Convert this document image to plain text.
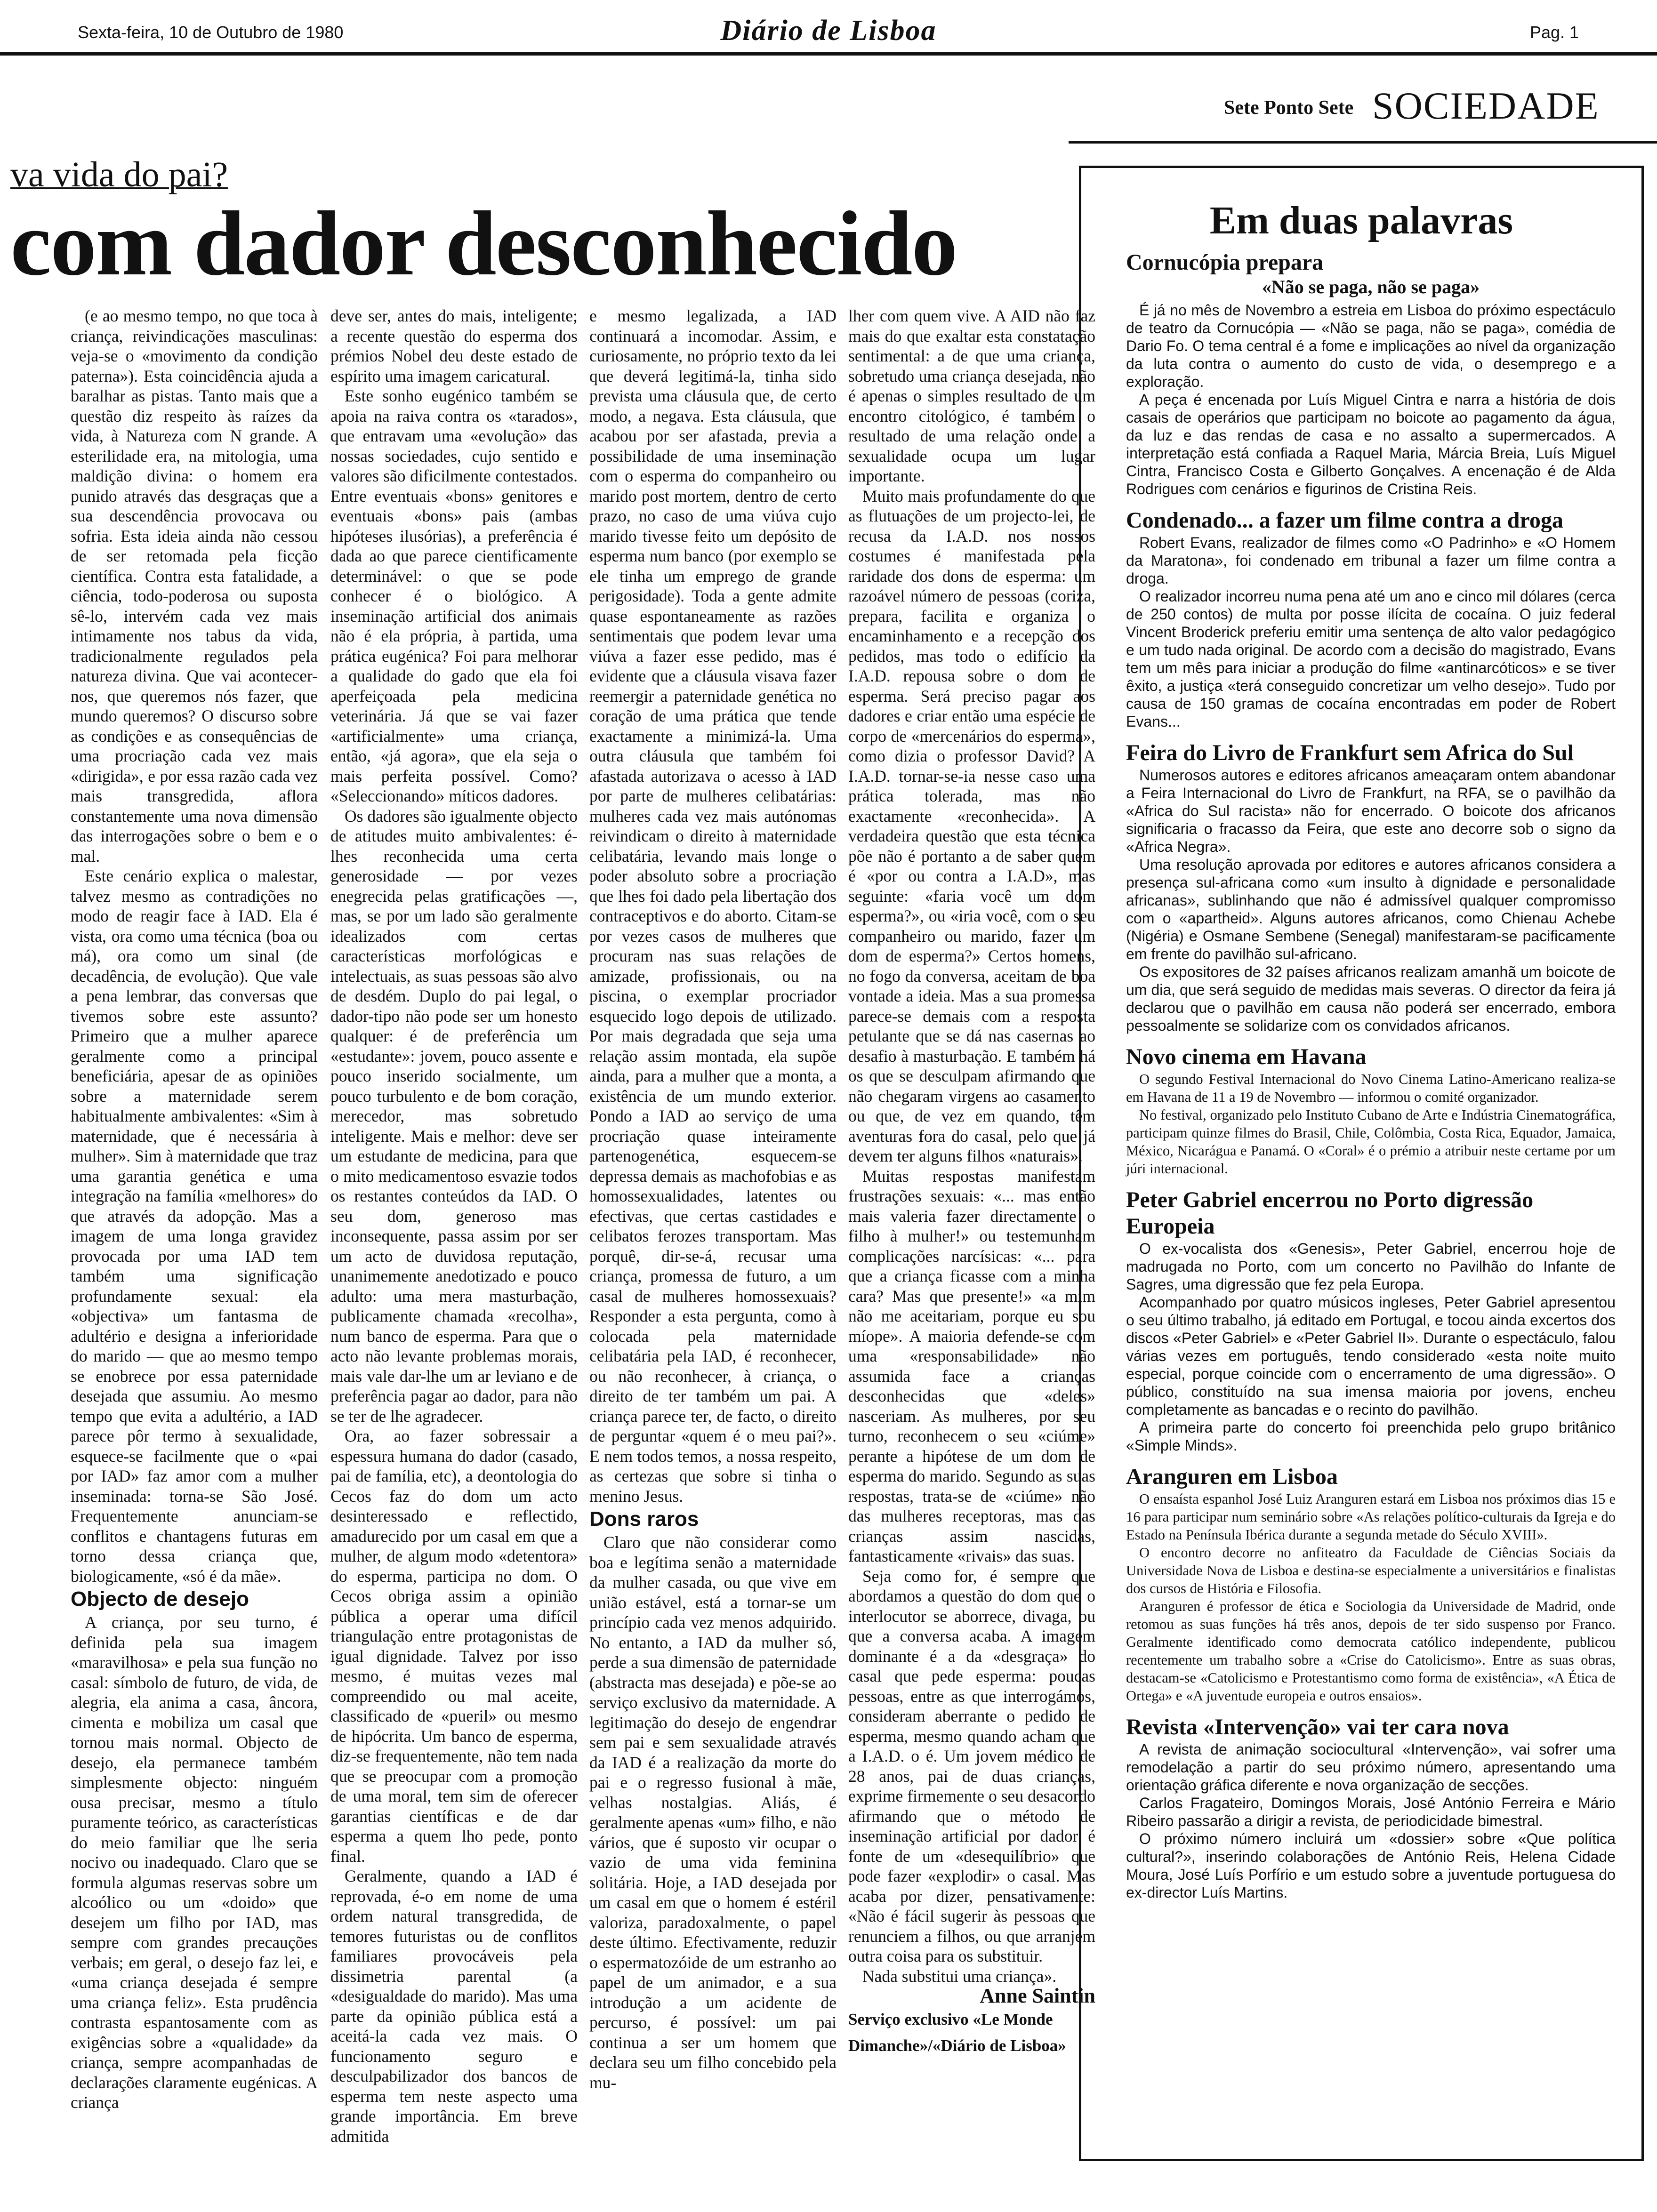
Sexta-feira, 10 de Outubro de 1980	Diário de Lisboa	Pag. 1
Sete Ponto Sete SOCIEDADE
va vida do pai?
com dador desconhecido

(e ao mesmo tempo, no que toca à criança, reivindicações masculinas: veja-se o «movimento da condição paterna»). Esta coincidência ajuda a baralhar as pistas. Tanto mais que a questão diz respeito às raízes da vida, à Natureza com N grande. A esterilidade era, na mitologia, uma maldição divina: o homem era punido através das desgraças que a sua descendência provocava ou sofria. Esta ideia ainda não cessou de ser retomada pela ficção científica. Contra esta fatalidade, a ciência, todo-poderosa ou suposta sê-lo, intervém cada vez mais intimamente nos tabus da vida, tradicionalmente regulados pela natureza divina. Que vai acontecer-nos, que queremos nós fazer, que mundo queremos? O discurso sobre as condições e as consequências de uma procriação cada vez mais «dirigida», e por essa razão cada vez mais transgredida, aflora constantemente uma nova dimensão das interrogações sobre o bem e o mal.

Este cenário explica o malestar, talvez mesmo as contradições no modo de reagir face à IAD. Ela é vista, ora como uma técnica (boa ou má), ora como um sinal (de decadência, de evolução). Que vale a pena lembrar, das conversas que tivemos sobre este assunto? Primeiro que a mulher aparece geralmente como a principal beneficiária, apesar de as opiniões sobre a maternidade serem habitualmente ambivalentes: «Sim à maternidade, que é necessária à mulher». Sim à maternidade que traz uma garantia genética e uma integração na família «melhores» do que através da adopção. Mas a imagem de uma longa gravidez provocada por uma IAD tem também uma significação profundamente sexual: ela «objectiva» um fantasma de adultério e designa a inferioridade do marido — que ao mesmo tempo se enobrece por essa paternidade desejada que assumiu. Ao mesmo tempo que evita a adultério, a IAD parece pôr termo à sexualidade, esquece-se facilmente que o «pai por IAD» faz amor com a mulher inseminada: torna-se São José. Frequentemente anunciam-se conflitos e chantagens futuras em torno dessa criança que, biologicamente, «só é da mãe».

Objecto de desejo

A criança, por seu turno, é definida pela sua imagem «maravilhosa» e pela sua função no casal: símbolo de futuro, de vida, de alegria, ela anima a casa, âncora, cimenta e mobiliza um casal que tornou mais normal. Objecto de desejo, ela permanece também simplesmente objecto: ninguém ousa precisar, mesmo a título puramente teórico, as características do meio familiar que lhe seria nocivo ou inadequado. Claro que se formula algumas reservas sobre um alcoólico ou um «doido» que desejem um filho por IAD, mas sempre com grandes precauções verbais; em geral, o desejo faz lei, e «uma criança desejada é sempre uma criança feliz». Esta prudência contrasta espantosamente com as exigências sobre a «qualidade» da criança, sempre acompanhadas de declarações claramente eugénicas. A criança

deve ser, antes do mais, inteligente; a recente questão do esperma dos prémios Nobel deu deste estado de espírito uma imagem caricatural.

Este sonho eugénico também se apoia na raiva contra os «tarados», que entravam uma «evolução» das nossas sociedades, cujo sentido e valores são dificilmente contestados. Entre eventuais «bons» genitores e eventuais «bons» pais (ambas hipóteses ilusórias), a preferência é dada ao que parece cientificamente determinável: o que se pode conhecer é o biológico. A inseminação artificial dos animais não é ela própria, à partida, uma prática eugénica? Foi para melhorar a qualidade do gado que ela foi aperfeiçoada pela medicina veterinária. Já que se vai fazer «artificialmente» uma criança, então, «já agora», que ela seja o mais perfeita possível. Como? «Seleccionando» míticos dadores.

Os dadores são igualmente objecto de atitudes muito ambivalentes: é-lhes reconhecida uma certa generosidade — por vezes enegrecida pelas gratificações —, mas, se por um lado são geralmente idealizados com certas características morfológicas e intelectuais, as suas pessoas são alvo de desdém. Duplo do pai legal, o dador-tipo não pode ser um honesto qualquer: é de preferência um «estudante»: jovem, pouco assente e pouco inserido socialmente, um pouco turbulento e de bom coração, merecedor, mas sobretudo inteligente. Mais e melhor: deve ser um estudante de medicina, para que o mito medicamentoso esvazie todos os restantes conteúdos da IAD. O seu dom, generoso mas inconsequente, passa assim por ser um acto de duvidosa reputação, unanimemente anedotizado e pouco adulto: uma mera masturbação, publicamente chamada «recolha», num banco de esperma. Para que o acto não levante problemas morais, mais vale dar-lhe um ar leviano e de preferência pagar ao dador, para não se ter de lhe agradecer.

Ora, ao fazer sobressair a espessura humana do dador (casado, pai de família, etc), a deontologia do Cecos faz do dom um acto desinteressado e reflectido, amadurecido por um casal em que a mulher, de algum modo «detentora» do esperma, participa no dom. O Cecos obriga assim a opinião pública a operar uma difícil triangulação entre protagonistas de igual dignidade. Talvez por isso mesmo, é muitas vezes mal compreendido ou mal aceite, classificado de «pueril» ou mesmo de hipócrita. Um banco de esperma, diz-se frequentemente, não tem nada que se preocupar com a promoção de uma moral, tem sim de oferecer garantias científicas e de dar esperma a quem lho pede, ponto final.

Geralmente, quando a IAD é reprovada, é-o em nome de uma ordem natural transgredida, de temores futuristas ou de conflitos familiares provocáveis pela dissimetria parental (a «desigualdade do marido). Mas uma parte da opinião pública está a aceitá-la cada vez mais. O funcionamento seguro e desculpabilizador dos bancos de esperma tem neste aspecto uma grande importância. Em breve admitida

e mesmo legalizada, a IAD continuará a incomodar. Assim, e curiosamente, no próprio texto da lei que deverá legitimá-la, tinha sido prevista uma cláusula que, de certo modo, a negava. Esta cláusula, que acabou por ser afastada, previa a possibilidade de uma inseminação com o esperma do companheiro ou marido post mortem, dentro de certo prazo, no caso de uma viúva cujo marido tivesse feito um depósito de esperma num banco (por exemplo se ele tinha um emprego de grande perigosidade). Toda a gente admite quase espontaneamente as razões sentimentais que podem levar uma viúva a fazer esse pedido, mas é evidente que a cláusula visava fazer reemergir a paternidade genética no coração de uma prática que tende exactamente a minimizá-la. Uma outra cláusula que também foi afastada autorizava o acesso à IAD por parte de mulheres celibatárias: mulheres cada vez mais autónomas reivindicam o direito à maternidade celibatária, levando mais longe o poder absoluto sobre a procriação que lhes foi dado pela libertação dos contraceptivos e do aborto. Citam-se por vezes casos de mulheres que procuram nas suas relações de amizade, profissionais, ou na piscina, o exemplar procriador esquecido logo depois de utilizado. Por mais degradada que seja uma relação assim montada, ela supõe ainda, para a mulher que a monta, a existência de um mundo exterior. Pondo a IAD ao serviço de uma procriação quase inteiramente partenogenética, esquecem-se depressa demais as machofobias e as homossexualidades, latentes ou efectivas, que certas castidades e celibatos ferozes transportam. Mas porquê, dir-se-á, recusar uma criança, promessa de futuro, a um casal de mulheres homossexuais? Responder a esta pergunta, como à colocada pela maternidade celibatária pela IAD, é reconhecer, ou não reconhecer, à criança, o direito de ter também um pai. A criança parece ter, de facto, o direito de perguntar «quem é o meu pai?». E nem todos temos, a nossa respeito, as certezas que sobre si tinha o menino Jesus.

Dons raros

Claro que não considerar como boa e legítima senão a maternidade da mulher casada, ou que vive em união estável, está a tornar-se um princípio cada vez menos adquirido. No entanto, a IAD da mulher só, perde a sua dimensão de paternidade (abstracta mas desejada) e põe-se ao serviço exclusivo da maternidade. A legitimação do desejo de engendrar sem pai e sem sexualidade através da IAD é a realização da morte do pai e o regresso fusional à mãe, velhas nostalgias. Aliás, é geralmente apenas «um» filho, e não vários, que é suposto vir ocupar o vazio de uma vida feminina solitária. Hoje, a IAD desejada por um casal em que o homem é estéril valoriza, paradoxalmente, o papel deste último. Efectivamente, reduzir o espermatozóide de um estranho ao papel de um animador, e a sua introdução a um acidente de percurso, é possível: um pai continua a ser um homem que declara seu um filho concebido pela mu-

lher com quem vive. A AID não faz mais do que exaltar esta constatação sentimental: a de que uma criança, sobretudo uma criança desejada, não é apenas o simples resultado de um encontro citológico, é também o resultado de uma relação onde a sexualidade ocupa um lugar importante.

Muito mais profundamente do que as flutuações de um projecto-lei, de recusa da I.A.D. nos nossos costumes é manifestada pela raridade dos dons de esperma: um razoável número de pessoas (coriza, prepara, facilita e organiza o encaminhamento e a recepção dos pedidos, mas todo o edifício da I.A.D. repousa sobre o dom de esperma. Será preciso pagar aos dadores e criar então uma espécie de corpo de «mercenários do esperma», como dizia o professor David? A I.A.D. tornar-se-ia nesse caso uma prática tolerada, mas não exactamente «reconhecida». A verdadeira questão que esta técnica põe não é portanto a de saber quem é «por ou contra a I.A.D», mas seguinte: «faria você um dom esperma?», ou «iria você, com o seu companheiro ou marido, fazer um dom de esperma?» Certos homens, no fogo da conversa, aceitam de boa vontade a ideia. Mas a sua promessa parece-se demais com a resposta petulante que se dá nas casernas ao desafio à masturbação. E também há os que se desculpam afirmando que não chegaram virgens ao casamento ou que, de vez em quando, têm aventuras fora do casal, pelo que já devem ter alguns filhos «naturais».

Muitas respostas manifestam frustrações sexuais: «... mas então mais valeria fazer directamente o filho à mulher!» ou testemunham complicações narcísicas: «... para que a criança ficasse com a minha cara? Mas que presente!» «a mim não me aceitariam, porque eu sou míope». A maioria defende-se com uma «responsabilidade» não assumida face a crianças desconhecidas que «deles» nasceriam. As mulheres, por seu turno, reconhecem o seu «ciúme» perante a hipótese de um dom de esperma do marido. Segundo as suas respostas, trata-se de «ciúme» não das mulheres receptoras, mas das crianças assim nascidas, fantasticamente «rivais» das suas.

Seja como for, é sempre que abordamos a questão do dom que o interlocutor se aborrece, divaga, ou que a conversa acaba. A imagem dominante é a da «desgraça» do casal que pede esperma: poucas pessoas, entre as que interrogámos, consideram aberrante o pedido de esperma, mesmo quando acham que a I.A.D. o é. Um jovem médico de 28 anos, pai de duas crianças, exprime firmemente o seu desacordo afirmando que o método de inseminação artificial por dador é fonte de um «desequilíbrio» que pode fazer «explodir» o casal. Mas acaba por dizer, pensativamente: «Não é fácil sugerir às pessoas que renunciem a filhos, ou que arranjem outra coisa para os substituir.

Nada substitui uma criança».

Anne Saintin

Serviço exclusivo «Le Monde Dimanche»/«Diário de Lisboa»

Em duas palavras
Cornucópia prepara
«Não se paga, não se paga»

É já no mês de Novembro a estreia em Lisboa do próximo espectáculo de teatro da Cornucópia — «Não se paga, não se paga», comédia de Dario Fo. O tema central é a fome e implicações ao nível da organização da luta contra o aumento do custo de vida, o desemprego e a exploração.

A peça é encenada por Luís Miguel Cintra e narra a história de dois casais de operários que participam no boicote ao pagamento da água, da luz e das rendas de casa e no assalto a supermercados. A interpretação está confiada a Raquel Maria, Márcia Breia, Luís Miguel Cintra, Francisco Costa e Gilberto Gonçalves. A encenação é de Alda Rodrigues com cenários e figurinos de Cristina Reis.

Condenado... a fazer um filme contra a droga

Robert Evans, realizador de filmes como «O Padrinho» e «O Homem da Maratona», foi condenado em tribunal a fazer um filme contra a droga.

O realizador incorreu numa pena até um ano e cinco mil dólares (cerca de 250 contos) de multa por posse ilícita de cocaína. O juiz federal Vincent Broderick preferiu emitir uma sentença de alto valor pedagógico e um tudo nada original. De acordo com a decisão do magistrado, Evans tem um mês para iniciar a produção do filme «antinarcóticos» e se tiver êxito, a justiça «terá conseguido concretizar um velho desejo». Tudo por causa de 150 gramas de cocaína encontradas em poder de Robert Evans...

Feira do Livro de Frankfurt sem Africa do Sul

Numerosos autores e editores africanos ameaçaram ontem abandonar a Feira Internacional do Livro de Frankfurt, na RFA, se o pavilhão da «Africa do Sul racista» não for encerrado. O boicote dos africanos significaria o fracasso da Feira, que este ano decorre sob o signo da «Africa Negra».

Uma resolução aprovada por editores e autores africanos considera a presença sul-africana como «um insulto à dignidade e personalidade africanas», sublinhando que não é admissível qualquer compromisso com o «apartheid». Alguns autores africanos, como Chienau Achebe (Nigéria) e Osmane Sembene (Senegal) manifestaram-se pacificamente em frente do pavilhão sul-africano.

Os expositores de 32 países africanos realizam amanhã um boicote de um dia, que será seguido de medidas mais severas. O director da feira já declarou que o pavilhão em causa não poderá ser encerrado, embora pessoalmente se solidarize com os convidados africanos.

Novo cinema em Havana

O segundo Festival Internacional do Novo Cinema Latino-Americano realiza-se em Havana de 11 a 19 de Novembro — informou o comité organizador.

No festival, organizado pelo Instituto Cubano de Arte e Indústria Cinematográfica, participam quinze filmes do Brasil, Chile, Colômbia, Costa Rica, Equador, Jamaica, México, Nicarágua e Panamá. O «Coral» é o prémio a atribuir neste certame por um júri internacional.

Peter Gabriel encerrou no Porto digressão Europeia

O ex-vocalista dos «Genesis», Peter Gabriel, encerrou hoje de madrugada no Porto, com um concerto no Pavilhão do Infante de Sagres, uma digressão que fez pela Europa.

Acompanhado por quatro músicos ingleses, Peter Gabriel apresentou o seu último trabalho, já editado em Portugal, e tocou ainda excertos dos discos «Peter Gabriel» e «Peter Gabriel II». Durante o espectáculo, falou várias vezes em português, tendo considerado «esta noite muito especial, porque coincide com o encerramento de uma digressão». O público, constituído na sua imensa maioria por jovens, encheu completamente as bancadas e o recinto do pavilhão.

A primeira parte do concerto foi preenchida pelo grupo britânico «Simple Minds».

Aranguren em Lisboa

O ensaísta espanhol José Luiz Aranguren estará em Lisboa nos próximos dias 15 e 16 para participar num seminário sobre «As relações político-culturais da Igreja e do Estado na Península Ibérica durante a segunda metade do Século XVIII».

O encontro decorre no anfiteatro da Faculdade de Ciências Sociais da Universidade Nova de Lisboa e destina-se especialmente a universitários e finalistas dos cursos de História e Filosofia.

Aranguren é professor de ética e Sociologia da Universidade de Madrid, onde retomou as suas funções há três anos, depois de ter sido suspenso por Franco. Geralmente identificado como democrata católico independente, publicou recentemente um trabalho sobre a «Crise do Catolicismo». Entre as suas obras, destacam-se «Catolicismo e Protestantismo como forma de existência», «A Ética de Ortega» e «A juventude europeia e outros ensaios».

Revista «Intervenção» vai ter cara nova

A revista de animação sociocultural «Intervenção», vai sofrer uma remodelação a partir do seu próximo número, apresentando uma orientação gráfica diferente e nova organização de secções.

Carlos Fragateiro, Domingos Morais, José António Ferreira e Mário Ribeiro passarão a dirigir a revista, de periodicidade bimestral.

O próximo número incluirá um «dossier» sobre «Que política cultural?», inserindo colaborações de António Reis, Helena Cidade Moura, José Luís Porfírio e um estudo sobre a juventude portuguesa do ex-director Luís Martins.
